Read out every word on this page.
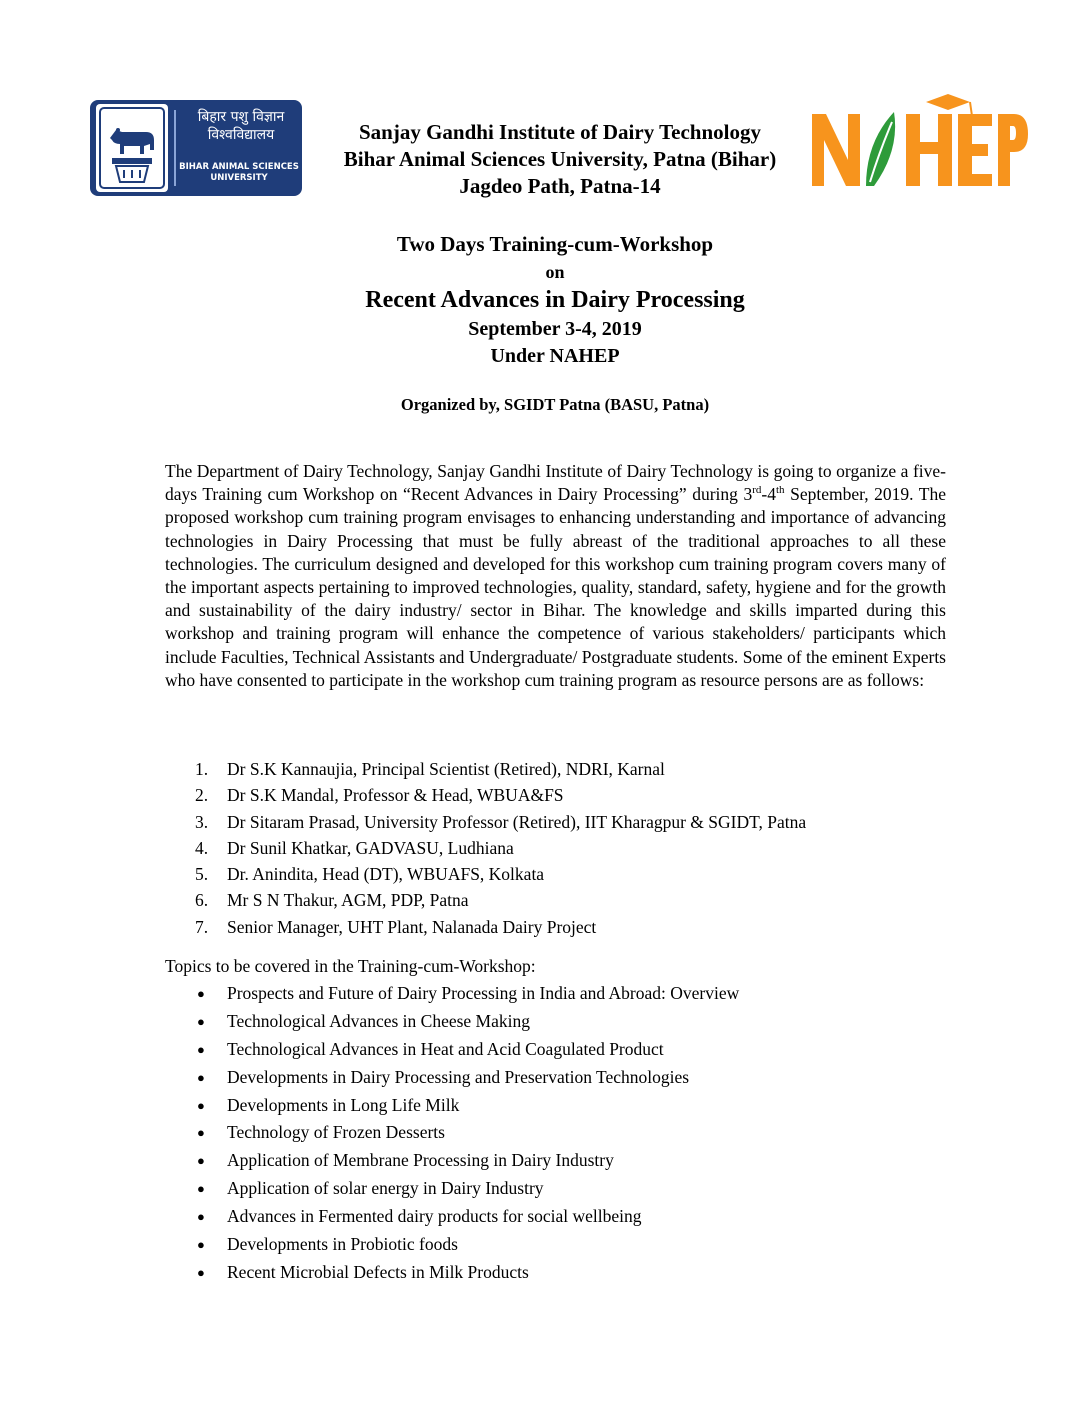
बिहार पशु विज्ञान
विश्वविद्यालय
BIHAR ANIMAL SCIENCES
UNIVERSITY
Sanjay Gandhi Institute of Dairy Technology
Bihar Animal Sciences University, Patna (Bihar)
Jagdeo Path, Patna-14
Two Days Training-cum-Workshop
on
Recent Advances in Dairy Processing
September 3-4, 2019
Under NAHEP
Organized by, SGIDT Patna (BASU, Patna)
The Department of Dairy Technology, Sanjay Gandhi Institute of Dairy Technology is going to organize a five-days Training cum Workshop on “Recent Advances in Dairy Processing” during 3rd-4th September, 2019. The proposed workshop cum training program envisages to enhancing understanding and importance of advancing technologies in Dairy Processing that must be fully abreast of the traditional approaches to all these technologies. The curriculum designed and developed for this workshop cum training program covers many of the important aspects pertaining to improved technologies, quality, standard, safety, hygiene and for the growth and sustainability of the dairy industry/ sector in Bihar. The knowledge and skills imparted during this workshop and training program will enhance the competence of various stakeholders/ participants which include Faculties, Technical Assistants and Undergraduate/ Postgraduate students. Some of the eminent Experts who have consented to participate in the workshop cum training program as resource persons are as follows:
1. Dr S.K Kannaujia, Principal Scientist (Retired), NDRI, Karnal
2. Dr S.K Mandal, Professor & Head, WBUA&FS
3. Dr Sitaram Prasad, University Professor (Retired), IIT Kharagpur & SGIDT, Patna
4. Dr Sunil Khatkar, GADVASU, Ludhiana
5. Dr. Anindita, Head (DT), WBUAFS, Kolkata
6. Mr S N Thakur, AGM, PDP, Patna
7. Senior Manager, UHT Plant, Nalanada Dairy Project
Topics to be covered in the Training-cum-Workshop:
● Prospects and Future of Dairy Processing in India and Abroad: Overview
● Technological Advances in Cheese Making
● Technological Advances in Heat and Acid Coagulated Product
● Developments in Dairy Processing and Preservation Technologies
● Developments in Long Life Milk
● Technology of Frozen Desserts
● Application of Membrane Processing in Dairy Industry
● Application of solar energy in Dairy Industry
● Advances in Fermented dairy products for social wellbeing
● Developments in Probiotic foods
● Recent Microbial Defects in Milk Products
